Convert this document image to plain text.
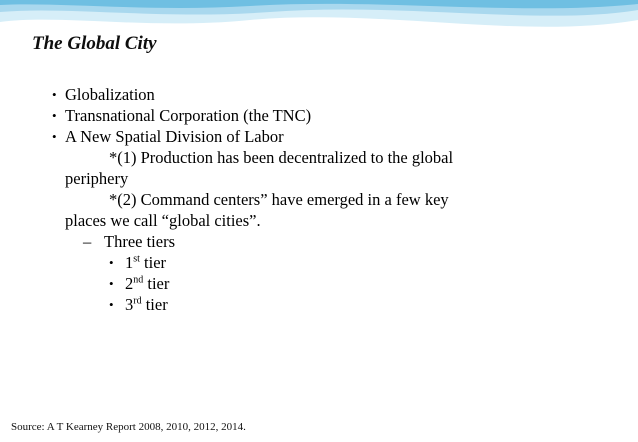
The Global City
• Globalization
• Transnational Corporation (the TNC)
• A New Spatial Division of Labor
*(1) Production has been decentralized to the global
periphery
*(2) Command centers” have emerged in a few key
places we call “global cities”.
– Three tiers
• 1st tier
• 2nd tier
• 3rd tier
Source: A T Kearney Report 2008, 2010, 2012, 2014.
